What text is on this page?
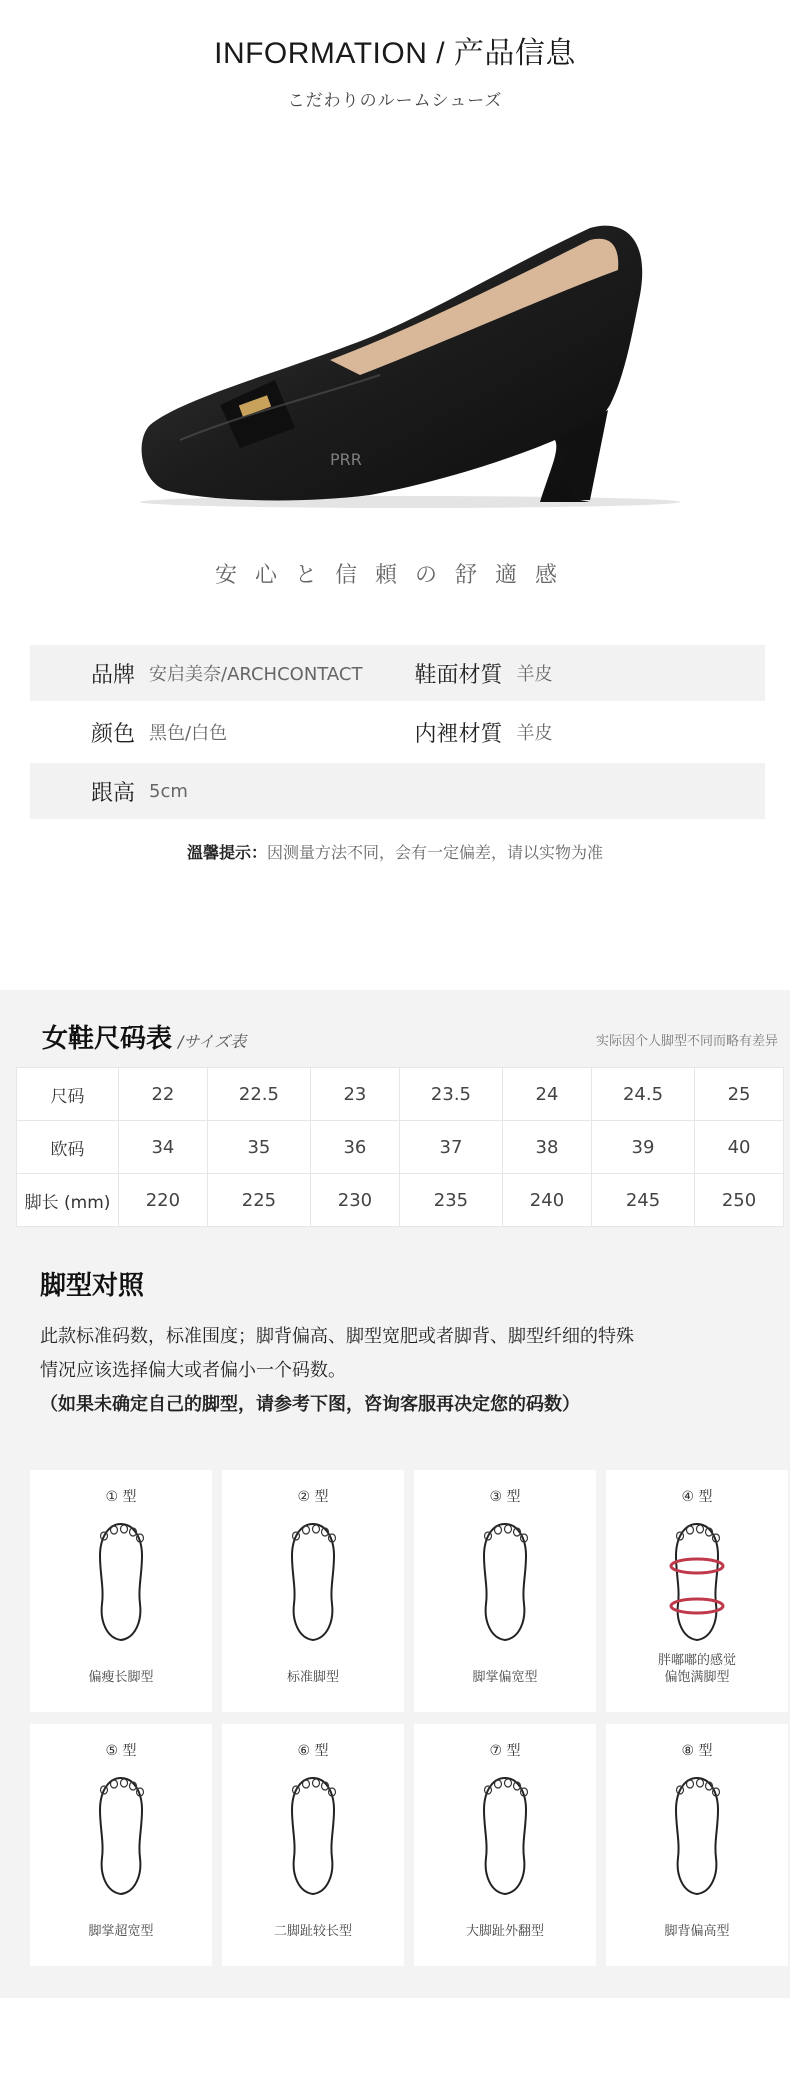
INFORMATION / 产品信息
こだわりのルームシューズ
PRR
安心と信頼の舒適感
品牌 安启美奈/ARCHCONTACT	鞋面材質 羊皮
颜色 黑色/白色	内裡材質 羊皮
跟高 5cm
溫馨提示：因测量方法不同，会有一定偏差，请以实物为准
女鞋尺码表 /サイズ表	实际因个人脚型不同而略有差异
尺码	22	22.5	23	23.5	24	24.5	25
欧码	34	35	36	37	38	39	40
脚长 (mm)	220	225	230	235	240	245	250
脚型对照
此款标准码数，标准围度；脚背偏高、脚型宽肥或者脚背、脚型纤细的特殊
情况应该选择偏大或者偏小一个码数。
（如果未确定自己的脚型，请参考下图，咨询客服再决定您的码数）
① 型
偏瘦长脚型
② 型
标准脚型
③ 型
脚掌偏宽型
④ 型
胖嘟嘟的感觉
偏饱满脚型
⑤ 型
脚掌超宽型
⑥ 型
二脚趾较长型
⑦ 型
大脚趾外翻型
⑧ 型
脚背偏高型
